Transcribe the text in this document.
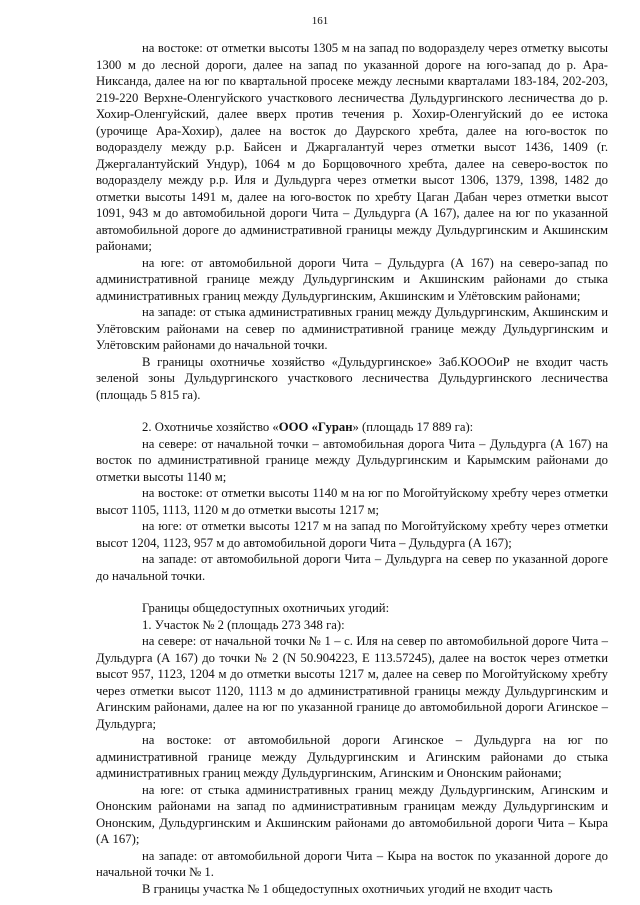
161

на востоке: от отметки высоты 1305 м на запад по водоразделу через отметку высоты 1300 м до лесной дороги, далее на запад по указанной дороге на юго-запад до р. Ара-Никсанда, далее на юг по квартальной просеке между лесными кварталами 183-184, 202-203, 219-220 Верхне-Оленгуйского участкового лесничества Дульдургинского лесничества до р. Хохир-Оленгуйский, далее вверх против течения р. Хохир-Оленгуйский до ее истока (урочище Ара-Хохир), далее на восток до Даурского хребта, далее на юго-восток по водоразделу между р.р. Байсен и Джаргалантуй через отметки высот 1436, 1409 (г. Джергалантуйский Ундур), 1064 м до Борщовочного хребта, далее на северо-восток по водоразделу между р.р. Иля и Дульдурга через отметки высот 1306, 1379, 1398, 1482 до отметки высоты 1491 м, далее на юго-восток по хребту Цаган Дабан через отметки высот 1091, 943 м до автомобильной дороги Чита – Дульдурга (А 167), далее на юг по указанной автомобильной дороге до административной границы между Дульдургинским и Акшинским районами;

на юге: от автомобильной дороги Чита – Дульдурга (А 167) на северо-запад по административной границе между Дульдургинским и Акшинским районами до стыка административных границ между Дульдургинским, Акшинским и Улётовским районами;

на западе: от стыка административных границ между Дульдургинским, Акшинским и Улётовским районами на север по административной границе между Дульдургинским и Улётовским районами до начальной точки.

В границы охотничье хозяйство «Дульдургинское» Заб.КОООиР не входит часть зеленой зоны Дульдургинского участкового лесничества Дульдургинского лесничества (площадь 5 815 га).

2. Охотничье хозяйство «ООО «Гуран» (площадь 17 889 га):

на севере: от начальной точки – автомобильная дорога Чита – Дульдурга (А 167) на восток по административной границе между Дульдургинским и Карымским районами до отметки высоты 1140 м;

на востоке: от отметки высоты 1140 м на юг по Могойтуйскому хребту через отметки высот 1105, 1113, 1120 м до отметки высоты 1217 м;

на юге: от отметки высоты 1217 м на запад по Могойтуйскому хребту через отметки высот 1204, 1123, 957 м до автомобильной дороги Чита – Дульдурга (А 167);

на западе: от автомобильной дороги Чита – Дульдурга на север по указанной дороге до начальной точки.

Границы общедоступных охотничьих угодий:

1. Участок № 2 (площадь 273 348 га):

на севере: от начальной точки № 1 – с. Иля на север по автомобильной дороге Чита – Дульдурга (А 167) до точки № 2 (N 50.904223, E 113.57245), далее на восток через отметки высот 957, 1123, 1204 м до отметки высоты 1217 м, далее на север по Могойтуйскому хребту через отметки высот 1120, 1113 м до административной границы между Дульдургинским и Агинским районами, далее на юг по указанной границе до автомобильной дороги Агинское – Дульдурга;

на востоке: от автомобильной дороги Агинское – Дульдурга на юг по административной границе между Дульдургинским и Агинским районами до стыка административных границ между Дульдургинским, Агинским и Ононским районами;

на юге: от стыка административных границ между Дульдургинским, Агинским и Ононским районами на запад по административным границам между Дульдургинским и Ононским, Дульдургинским и Акшинским районами до автомобильной дороги Чита – Кыра (А 167);

на западе: от автомобильной дороги Чита – Кыра на восток по указанной дороге до начальной точки № 1.

В границы участка № 1 общедоступных охотничьих угодий не входит часть
